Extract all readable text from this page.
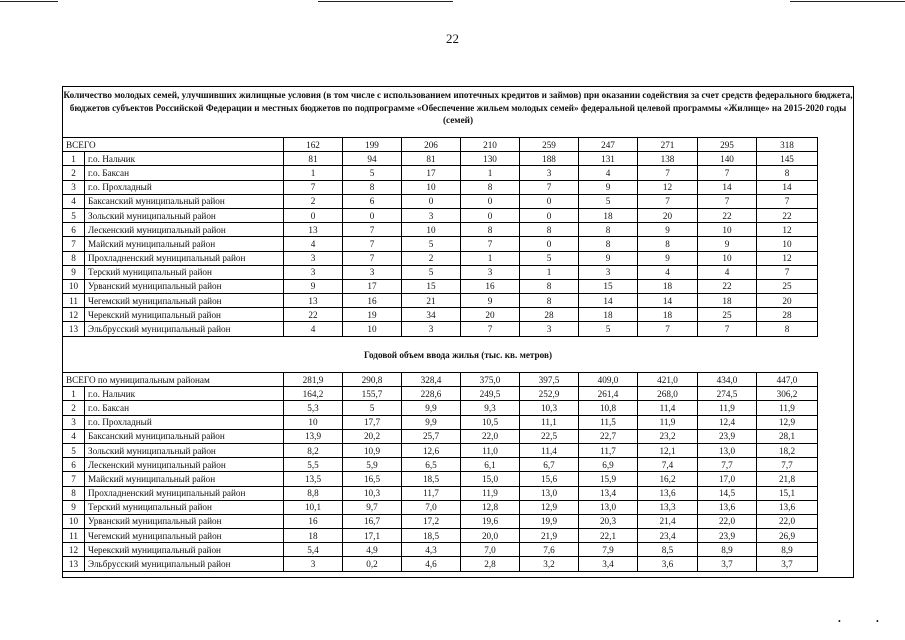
22
Количество молодых семей, улучшивших жилищные условия (в том числе с использованием ипотечных кредитов и займов) при оказании содействия за счет средств федерального бюджета, бюджетов субъектов Российской Федерации и местных бюджетов по подпрограмме «Обеспечение жильем молодых семей» федеральной целевой программы «Жилище» на 2015-2020 годы (семей)
ВСЕГО		162	199	206	210	259	247	271	295	318
1	г.о. Нальчик	81	94	81	130	188	131	138	140	145
2	г.о. Баксан	1	5	17	1	3	4	7	7	8
3	г.о. Прохладный	7	8	10	8	7	9	12	14	14
4	Баксанский муниципальный район	2	6	0	0	0	5	7	7	7
5	Зольский муниципальный район	0	0	3	0	0	18	20	22	22
6	Лескенский муниципальный район	13	7	10	8	8	8	9	10	12
7	Майский муниципальный район	4	7	5	7	0	8	8	9	10
8	Прохладненский муниципальный район	3	7	2	1	5	9	9	10	12
9	Терский муниципальный район	3	3	5	3	1	3	4	4	7
10	Урванский муниципальный район	9	17	15	16	8	15	18	22	25
11	Чегемский муниципальный район	13	16	21	9	8	14	14	18	20
12	Черекский муниципальный район	22	19	34	20	28	18	18	25	28
13	Эльбрусский муниципальный район	4	10	3	7	3	5	7	7	8
Годовой объем ввода жилья (тыс. кв. метров)
ВСЕГО по муниципальным районам		281,9	290,8	328,4	375,0	397,5	409,0	421,0	434,0	447,0
1	г.о. Нальчик	164,2	155,7	228,6	249,5	252,9	261,4	268,0	274,5	306,2
2	г.о. Баксан	5,3	5	9,9	9,3	10,3	10,8	11,4	11,9	11,9
3	г.о. Прохладный	10	17,7	9,9	10,5	11,1	11,5	11,9	12,4	12,9
4	Баксанский муниципальный район	13,9	20,2	25,7	22,0	22,5	22,7	23,2	23,9	28,1
5	Зольский муниципальный район	8,2	10,9	12,6	11,0	11,4	11,7	12,1	13,0	18,2
6	Лескенский муниципальный район	5,5	5,9	6,5	6,1	6,7	6,9	7,4	7,7	7,7
7	Майский муниципальный район	13,5	16,5	18,5	15,0	15,6	15,9	16,2	17,0	21,8
8	Прохладненский муниципальный район	8,8	10,3	11,7	11,9	13,0	13,4	13,6	14,5	15,1
9	Терский муниципальный район	10,1	9,7	7,0	12,8	12,9	13,0	13,3	13,6	13,6
10	Урванский муниципальный район	16	16,7	17,2	19,6	19,9	20,3	21,4	22,0	22,0
11	Чегемский муниципальный район	18	17,1	18,5	20,0	21,9	22,1	23,4	23,9	26,9
12	Черекский муниципальный район	5,4	4,9	4,3	7,0	7,6	7,9	8,5	8,9	8,9
13	Эльбрусский муниципальный район	3	0,2	4,6	2,8	3,2	3,4	3,6	3,7	3,7
•	•
